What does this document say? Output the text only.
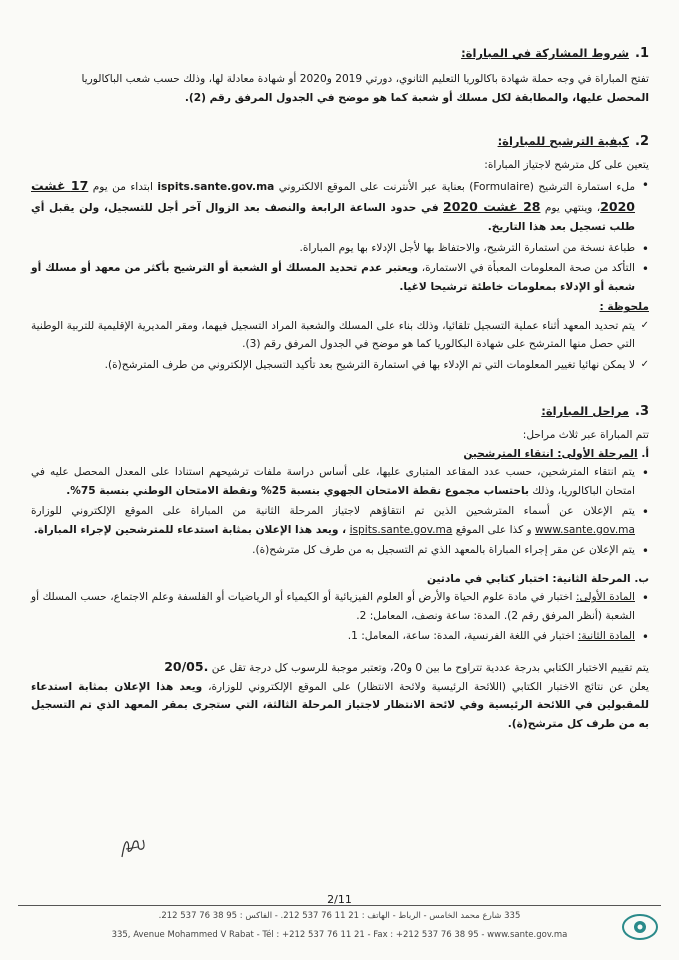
1.شروط المشاركة في المباراة:
تفتح المباراة في وجه حملة شهادة باكالوريا التعليم الثانوي، دورتي 2019 و2020 أو شهادة معادلة لها، وذلك حسب شعب الباكالوريا
المحصل عليها، والمطابقة لكل مسلك أو شعبة كما هو موضح في الجدول المرفق رقم (2).
2.كيفية الترشيح للمباراة:
يتعين على كل مترشح لاجتياز المباراة:
• ملء استمارة الترشيح (Formulaire) بعناية عبر الأنترنت على الموقع الالكتروني ispits.sante.gov.ma ابتداء من يوم 17 غشت 2020، وينتهي يوم 28 غشت 2020 في حدود الساعة الرابعة والنصف بعد الزوال آخر أجل للتسجيل، ولن يقبل أي طلب تسجيل بعد هذا التاريخ.
• طباعة نسخة من استمارة الترشيح، والاحتفاظ بها لأجل الإدلاء بها يوم المباراة.
• التأكد من صحة المعلومات المعبأة في الاستمارة، ويعتبر عدم تحديد المسلك أو الشعبة أو الترشيح بأكثر من معهد أو مسلك أو شعبة أو الإدلاء بمعلومات خاطئة ترشيحا لاغيا.
ملحوظة :
✓ يتم تحديد المعهد أثناء عملية التسجيل تلقائيا، وذلك بناء على المسلك والشعبة المراد التسجيل فيهما، ومقر المديرية الإقليمية للتربية الوطنية التي حصل منها المترشح على شهادة البكالوريا كما هو موضح في الجدول المرفق رقم (3).
✓ لا يمكن نهائيا تغيير المعلومات التي تم الإدلاء بها في استمارة الترشيح بعد تأكيد التسجيل الإلكتروني من طرف المترشح(ة).
3.مراحل المباراة:
تتم المباراة عبر ثلاث مراحل:
أ. المرحلة الأولى: انتقاء المترشحين
• يتم انتقاء المترشحين، حسب عدد المقاعد المتبارى عليها، على أساس دراسة ملفات ترشيحهم استنادا على المعدل المحصل عليه في امتحان الباكالوريا، وذلك باحتساب مجموع نقطة الامتحان الجهوي بنسبة 25% ونقطة الامتحان الوطني بنسبة 75%.
• يتم الإعلان عن أسماء المترشحين الذين تم انتقاؤهم لاجتياز المرحلة الثانية من المباراة على الموقع الإلكتروني للوزارة www.sante.gov.ma و كذا على الموقع ispits.sante.gov.ma ، ويعد هذا الإعلان بمثابة استدعاء للمترشحين لإجراء المباراة.
• يتم الإعلان عن مقر إجراء المباراة بالمعهد الذي تم التسجيل به من طرف كل مترشح(ة).
ب. المرحلة الثانية: اختبار كتابي في مادتين
• المادة الأولى: اختبار في مادة علوم الحياة والأرض أو العلوم الفيزيائية أو الكيمياء أو الرياضيات أو الفلسفة وعلم الاجتماع، حسب المسلك أو الشعبة (أنظر المرفق رقم 2). المدة: ساعة ونصف، المعامل: 2.
• المادة الثانية: اختبار في اللغة الفرنسية، المدة: ساعة، المعامل: 1.
يتم تقييم الاختبار الكتابي بدرجة عددية تتراوح ما بين 0 و20، وتعتبر موجبة للرسوب كل درجة تقل عن 20/05.
يعلن عن نتائج الاختبار الكتابي (اللائحة الرئيسية ولائحة الانتظار) على الموقع الإلكتروني للوزارة، ويعد هذا الإعلان بمثابة استدعاء للمقبولين في اللائحة الرئيسية وفي لائحة الانتظار لاجتياز المرحلة الثالثة، التي ستجرى بمقر المعهد الذي تم التسجيل به من طرف كل مترشح(ة).
2/11
335 شارع محمد الخامس - الرباط - الهاتف : 21 11 76 537 212. - الفاكس : 95 38 76 537 212.
335, Avenue Mohammed V Rabat - Tél : +212 537 76 11 21 - Fax : +212 537 76 38 95 - www.sante.gov.ma
